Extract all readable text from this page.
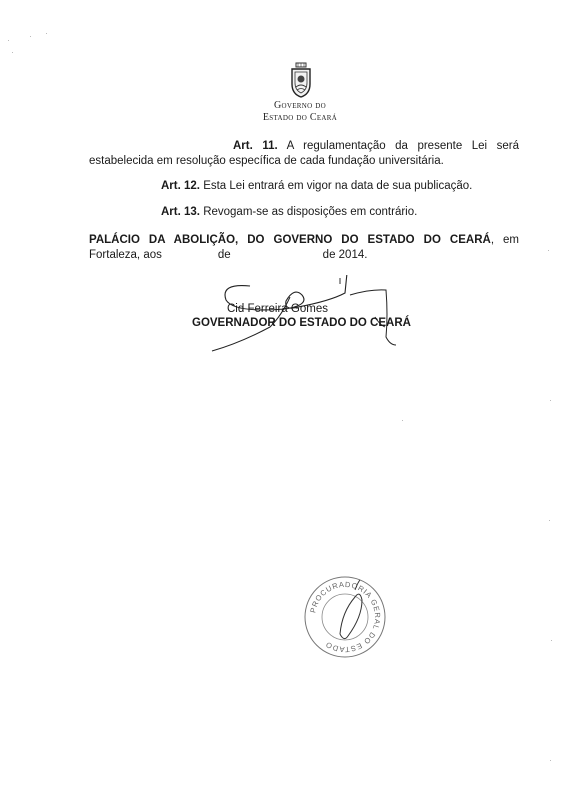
Governo do
Estado do Ceará
Art. 11. A regulamentação da presente Lei será estabelecida em resolução específica de cada fundação universitária.
Art. 12. Esta Lei entrará em vigor na data de sua publicação.
Art. 13. Revogam-se as disposições em contrário.
PALÁCIO DA ABOLIÇÃO, DO GOVERNO DO ESTADO DO CEARÁ, em
Fortaleza, aos	de	de 2014.
Cid Ferreira Gomes
GOVERNADOR DO ESTADO DO CEARÁ
PROCURADORIA GERAL DO ESTADO
